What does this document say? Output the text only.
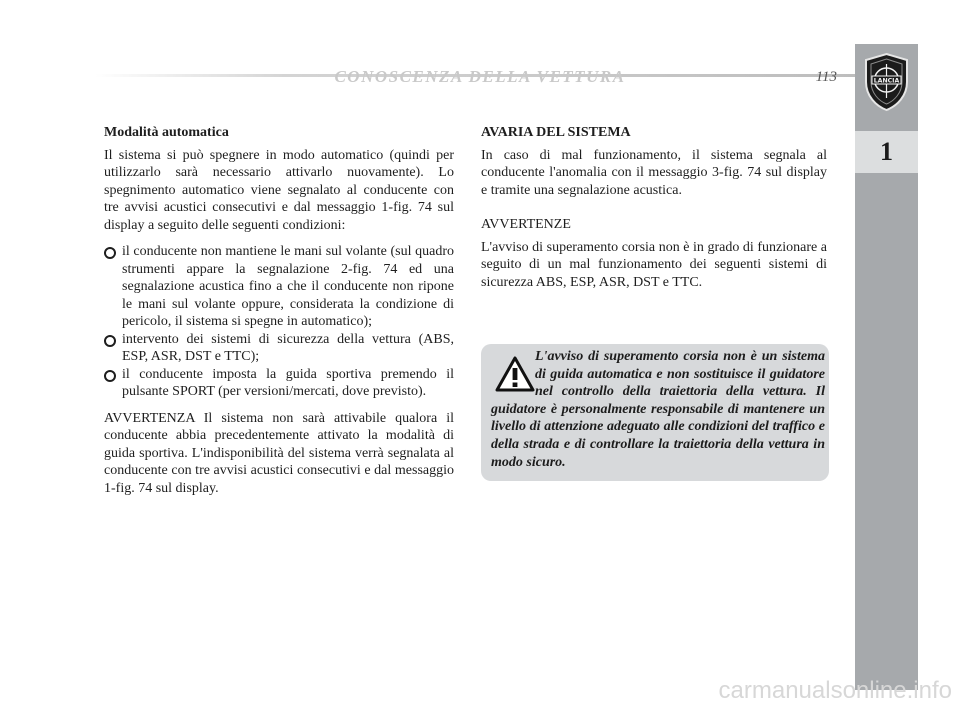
CONOSCENZA DELLA VETTURA	113	LANCIA
1
Modalità automatica

Il sistema si può spegnere in modo automatico (quindi per utilizzarlo sarà necessario attivarlo nuovamente). Lo spegnimento automatico viene segnalato al conducente con tre avvisi acustici consecutivi e dal messaggio 1-fig. 74 sul display a seguito delle seguenti condizioni:

il conducente non mantiene le mani sul volante (sul quadro strumenti appare la segnalazione 2-fig. 74 ed una segnalazione acustica fino a che il conducente non ripone le mani sul volante oppure, considerata la condizione di pericolo, il sistema si spegne in automatico);
intervento dei sistemi di sicurezza della vettura (ABS, ESP, ASR, DST e TTC);
il conducente imposta la guida sportiva premendo il pulsante SPORT (per versioni/mercati, dove previsto).

AVVERTENZA Il sistema non sarà attivabile qualora il conducente abbia precedentemente attivato la modalità di guida sportiva. L'indisponibilità del sistema verrà segnalata al conducente con tre avvisi acustici consecutivi e dal messaggio 1-fig. 74 sul display.

AVARIA DEL SISTEMA

In caso di mal funzionamento, il sistema segnala al conducente l'anomalia con il messaggio 3-fig. 74 sul display e tramite una segnalazione acustica.

AVVERTENZE

L'avviso di superamento corsia non è in grado di funzionare a seguito di un mal funzionamento dei seguenti sistemi di sicurezza ABS, ESP, ASR, DST e TTC.

L'avviso di superamento corsia non è un sistema di guida automatica e non sostituisce il guidatore nel controllo della traiettoria della vettura. Il guidatore è personalmente responsabile di mantenere un livello di attenzione adeguato alle condizioni del traffico e della strada e di controllare la traiettoria della vettura in modo sicuro.
carmanualsonline.info
